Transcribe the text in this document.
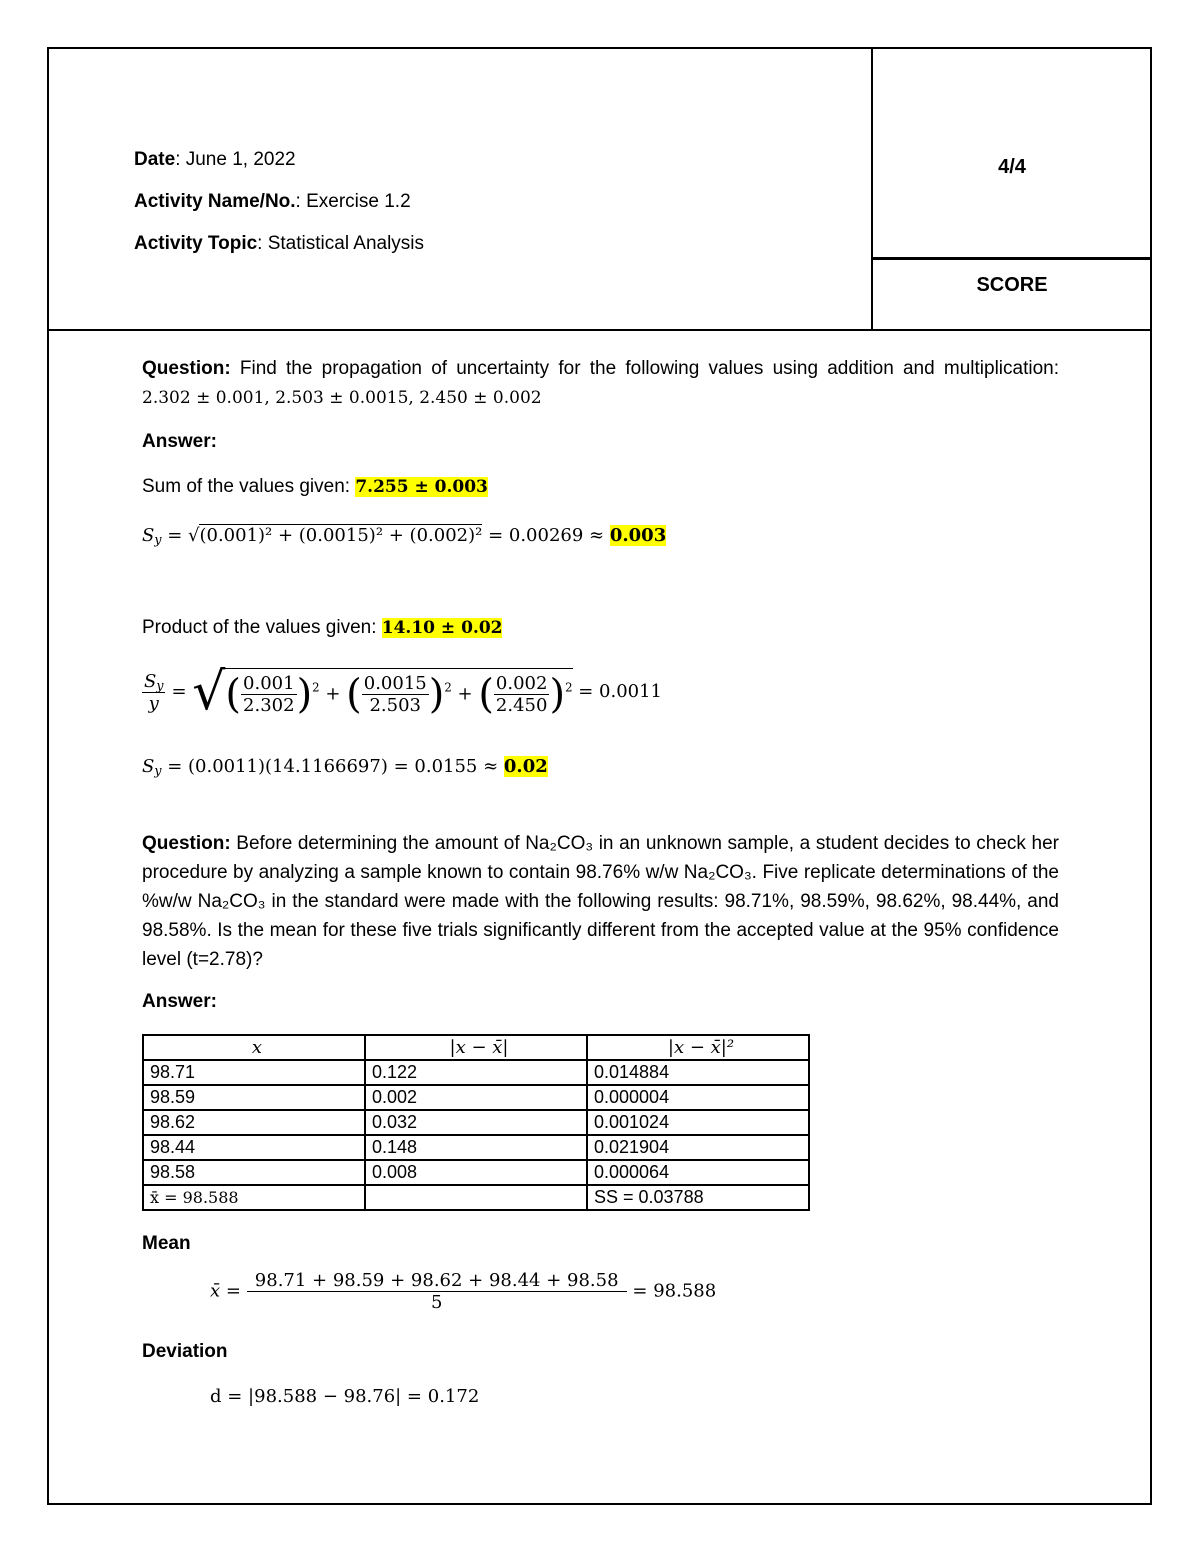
Date: June 1, 2022
Activity Name/No.: Exercise 1.2
Activity Topic: Statistical Analysis
4/4
SCORE
Question: Find the propagation of uncertainty for the following values using addition and multiplication: 2.302 ± 0.001, 2.503 ± 0.0015, 2.450 ± 0.002
Answer:
Sum of the values given: 7.255 ± 0.003
$S_y = √(0.001)^2 + (0.0015)^2 + (0.002)^2 = 0.00269 \approx 0.003$
Product of the values given: 14.10 ± 0.02
$\frac{S_y}{y}$ = √( $\frac{0.001}{2.302} )^2$ + ( $\frac{0.0015}{2.503} )^2$ + ( $\frac{0.002}{2.450} )^2 = 0.0011$
$S_y = (0.0011)(14.1166697) = 0.0155 \approx 0.02$
Question: Before determining the amount of Na₂CO₃ in an unknown sample, a student decides to check her procedure by analyzing a sample known to contain 98.76% w/w Na₂CO₃. Five replicate determinations of the %w/w Na₂CO₃ in the standard were made with the following results: 98.71%, 98.59%, 98.62%, 98.44%, and 98.58%. Is the mean for these five trials significantly different from the accepted value at the 95% confidence level (t=2.78)?
Answer:
x	|x − x̄|	|x − x̄|²
98.71	0.122	0.014884
98.59	0.002	0.000004
98.62	0.032	0.001024
98.44	0.148	0.021904
98.58	0.008	0.000064
x̄ = 98.588		SS = 0.03788
Mean
x̄ = $\frac{98.71 + 98.59 + 98.62 + 98.44 + 98.58}{5} = 98.588$
Deviation
d = |98.588 − 98.76| = 0.172
